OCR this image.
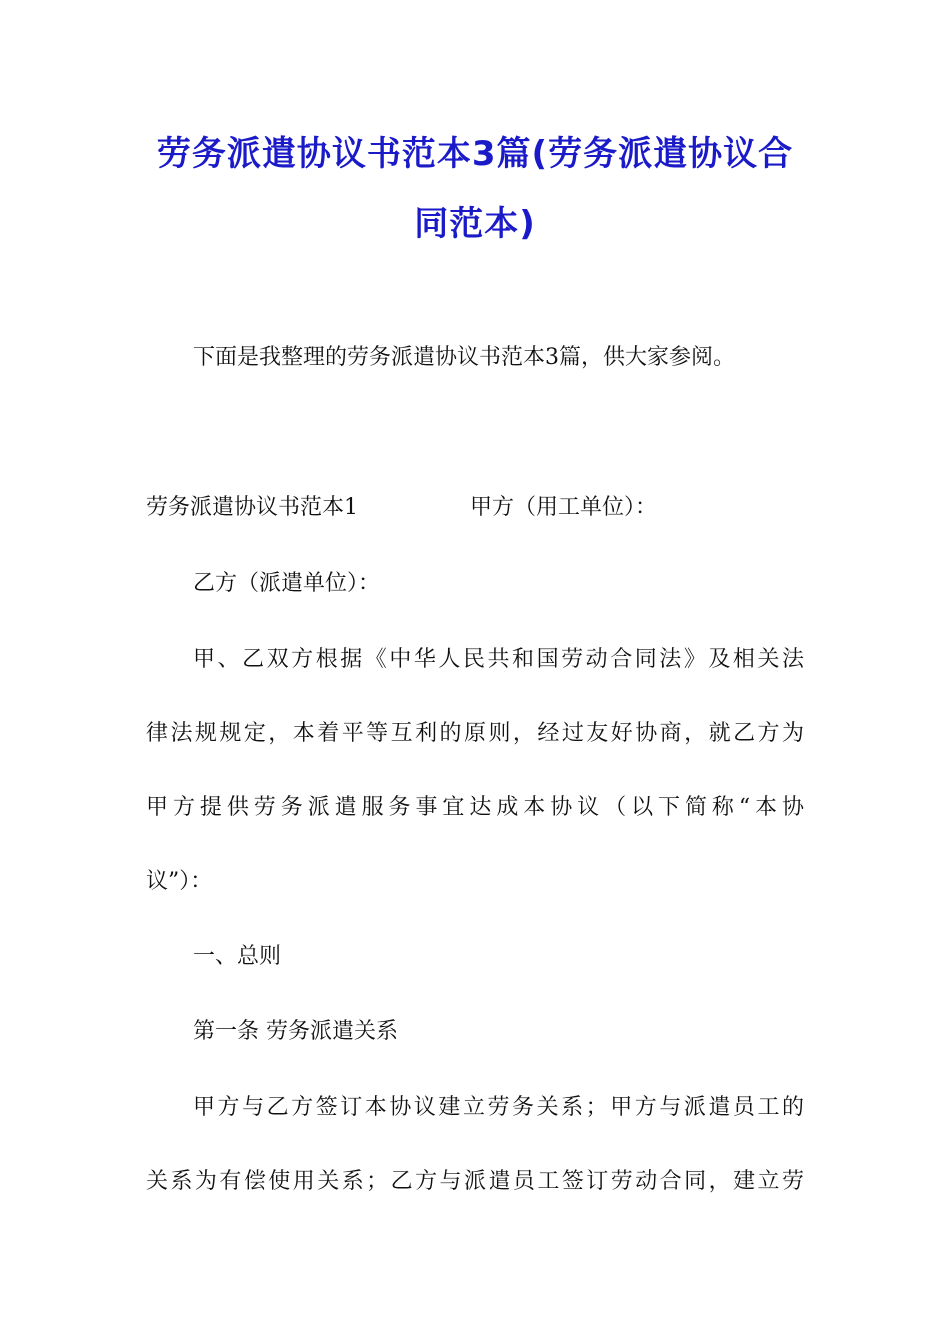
劳务派遣协议书范本3篇(劳务派遣协议合
同范本)

下面是我整理的劳务派遣协议书范本3篇，供大家参阅。

劳务派遣协议书范本1	甲方（用工单位）：

乙方（派遣单位）：

甲、乙双方根据《中华人民共和国劳动合同法》及相关法

律法规规定，本着平等互利的原则，经过友好协商，就乙方为

甲方提供劳务派遣服务事宜达成本协议（以下简称“本协

议”）：

一、总则

第一条 劳务派遣关系

甲方与乙方签订本协议建立劳务关系；甲方与派遣员工的

关系为有偿使用关系；乙方与派遣员工签订劳动合同，建立劳
